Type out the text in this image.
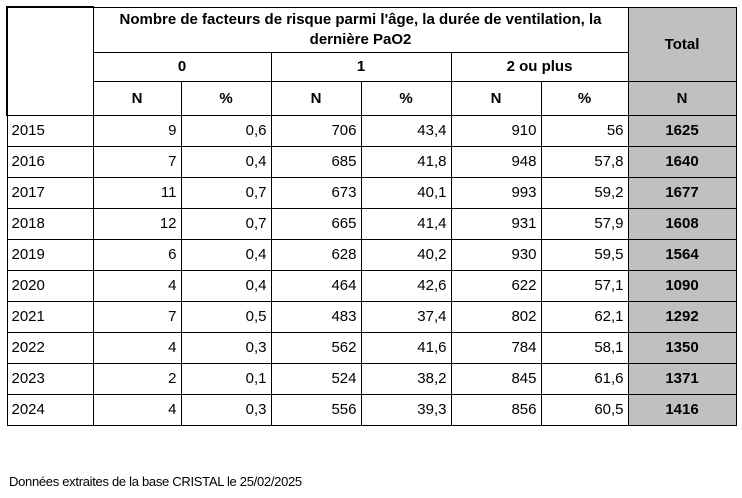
	Nombre de facteurs de risque parmi l'âge, la durée de ventilation, la dernière PaO2						Total
	0		1		2 ou plus		
	N	%	N	%	N	%	N
2015	9	0,6	706	43,4	910	56	1625
2016	7	0,4	685	41,8	948	57,8	1640
2017	11	0,7	673	40,1	993	59,2	1677
2018	12	0,7	665	41,4	931	57,9	1608
2019	6	0,4	628	40,2	930	59,5	1564
2020	4	0,4	464	42,6	622	57,1	1090
2021	7	0,5	483	37,4	802	62,1	1292
2022	4	0,3	562	41,6	784	58,1	1350
2023	2	0,1	524	38,2	845	61,6	1371
2024	4	0,3	556	39,3	856	60,5	1416
Données extraites de la base CRISTAL le 25/02/2025
